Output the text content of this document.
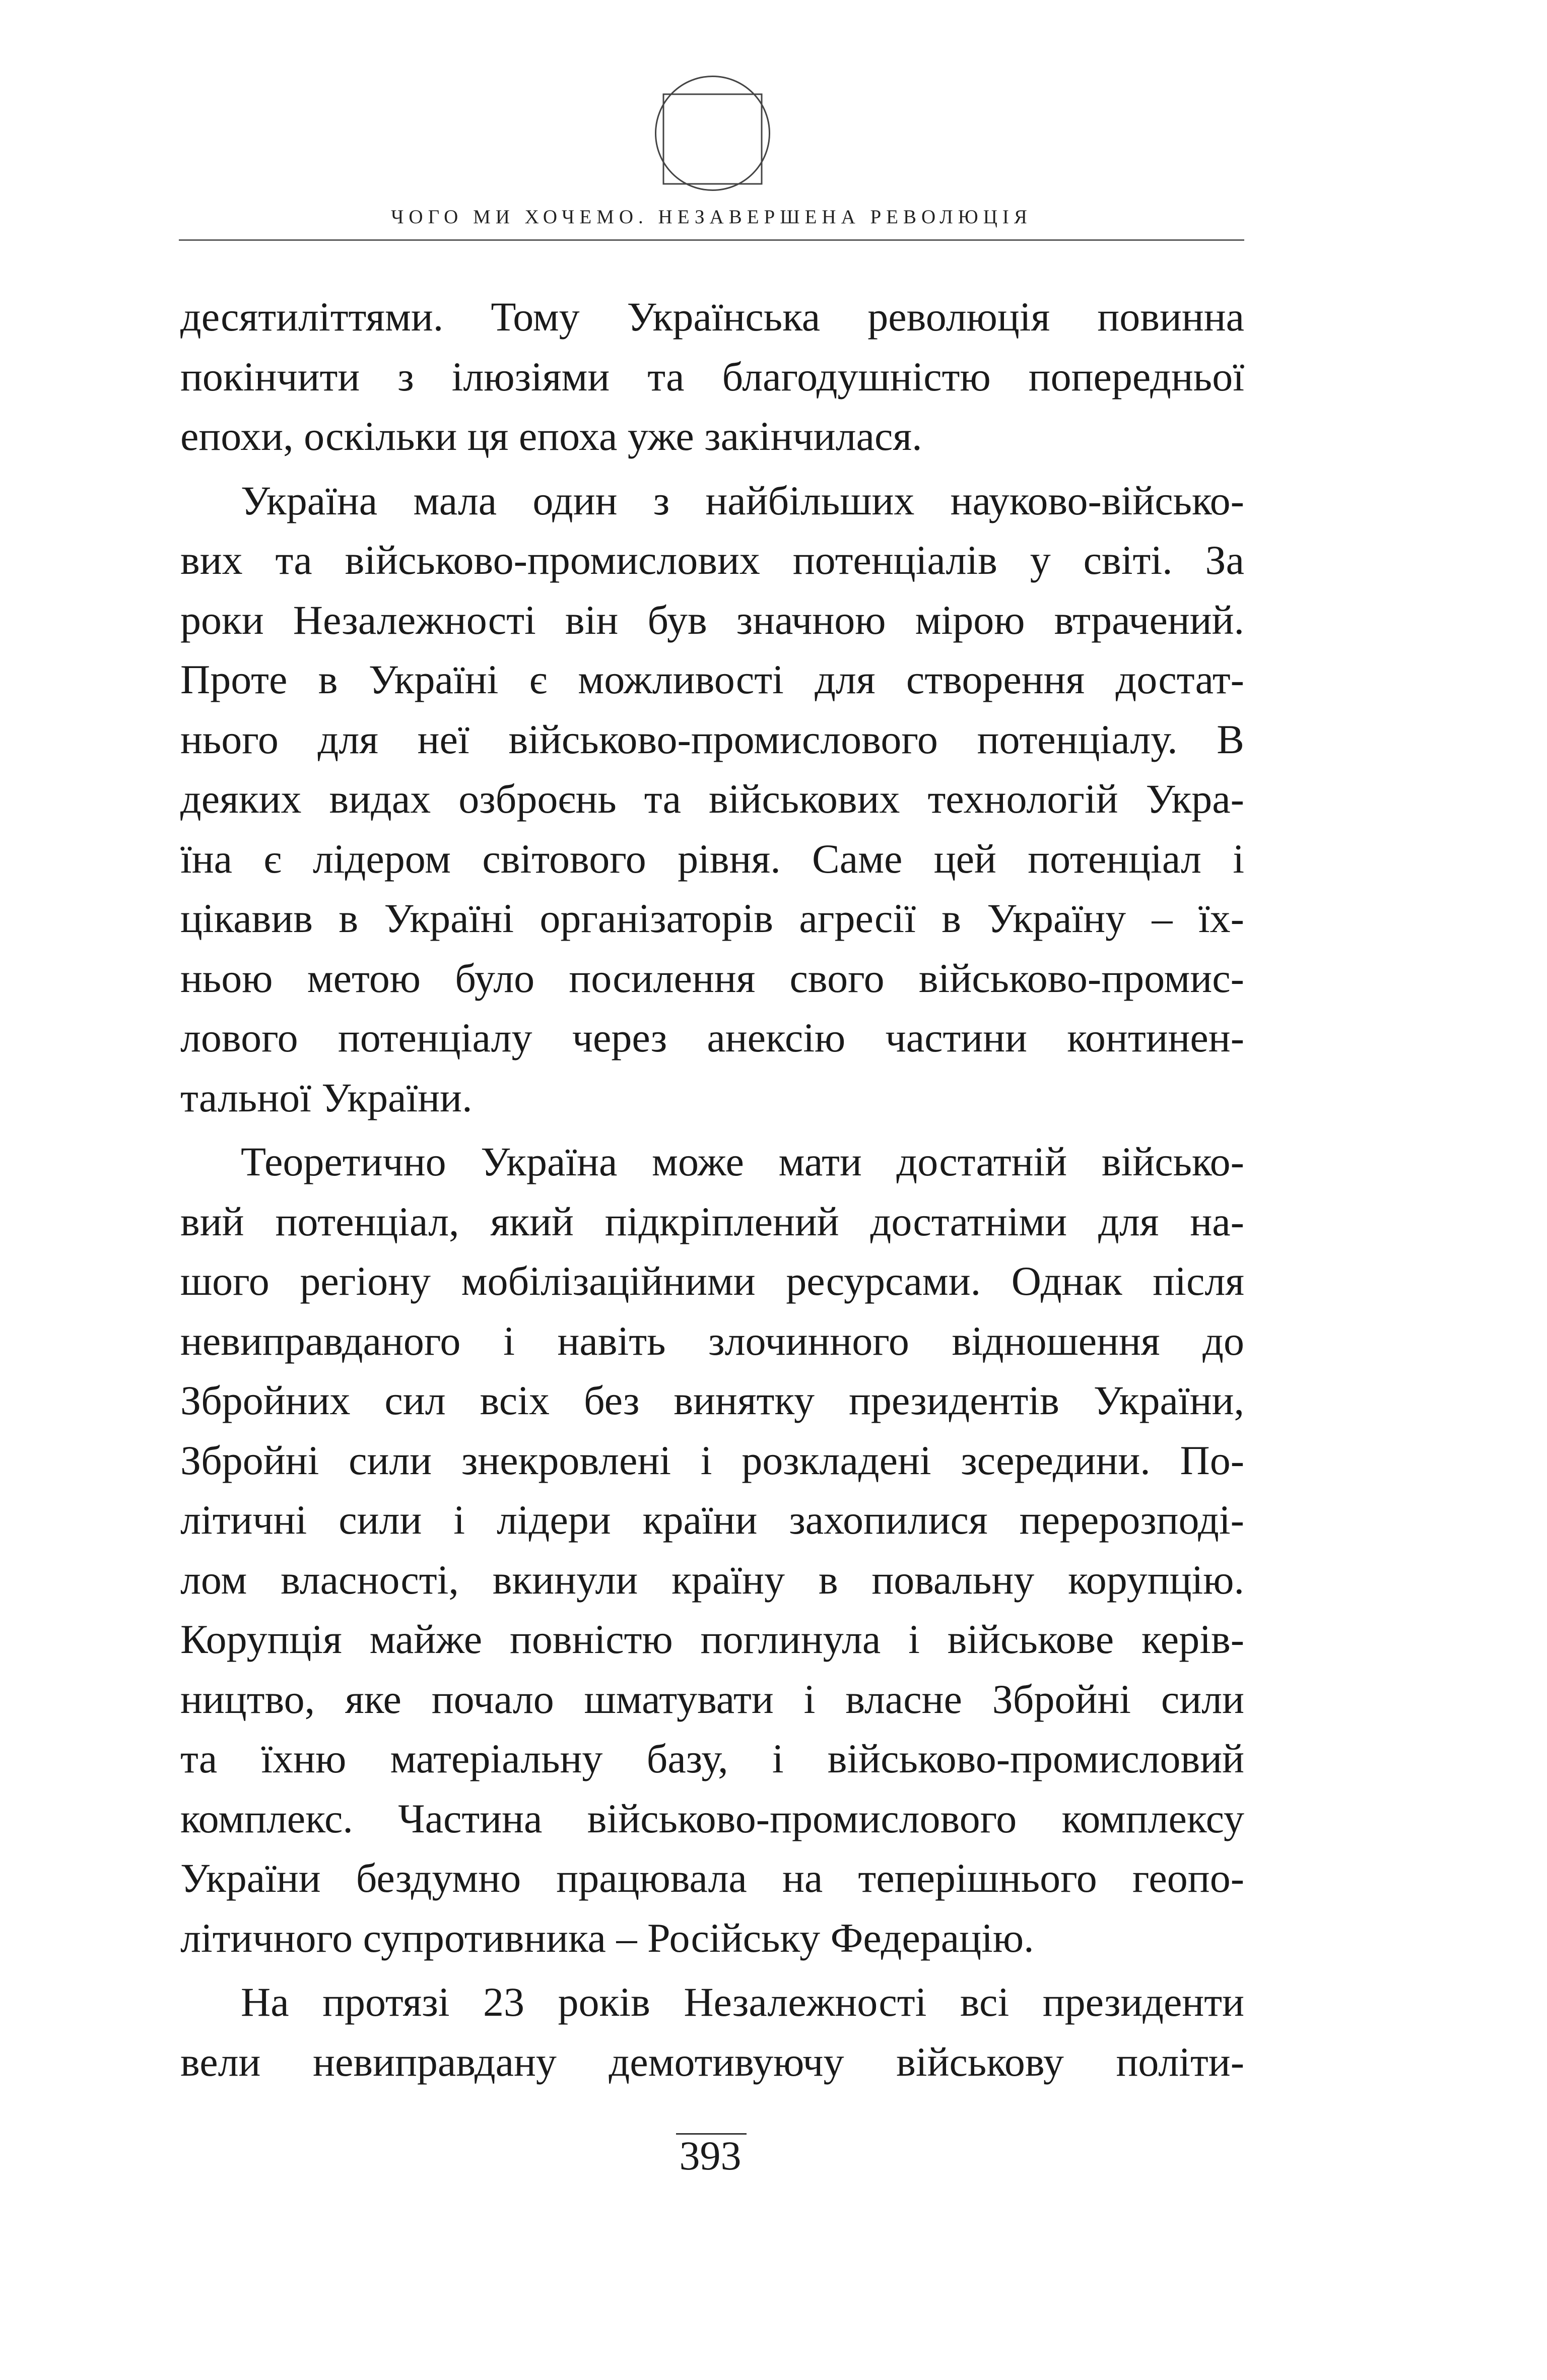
ЧОГО МИ ХОЧЕМО. НЕЗАВЕРШЕНА РЕВОЛЮЦІЯ
десятиліттями. Тому Українська революція повинна
покінчити з ілюзіями та благодушністю попередньої
епохи, оскільки ця епоха уже закінчилася.
Україна мала один з найбільших науково-військо-
вих та військово-промислових потенціалів у світі. За
роки Незалежності він був значною мірою втрачений.
Проте в Україні є можливості для створення достат-
нього для неї військово-промислового потенціалу. В
деяких видах озброєнь та військових технологій Укра-
їна є лідером світового рівня. Саме цей потенціал і
цікавив в Україні організаторів агресії в Україну – їх-
ньою метою було посилення свого військово-промис-
лового потенціалу через анексію частини континен-
тальної України.
Теоретично Україна може мати достатній військо-
вий потенціал, який підкріплений достатніми для на-
шого регіону мобілізаційними ресурсами. Однак після
невиправданого і навіть злочинного відношення до
Збройних сил всіх без винятку президентів України,
Збройні сили знекровлені і розкладені зсередини. По-
літичні сили і лідери країни захопилися перерозподі-
лом власності, вкинули країну в повальну корупцію.
Корупція майже повністю поглинула і військове керів-
ництво, яке почало шматувати і власне Збройні сили
та їхню матеріальну базу, і військово-промисловий
комплекс. Частина військово-промислового комплексу
України бездумно працювала на теперішнього геопо-
літичного супротивника – Російську Федерацію.
На протязі 23 років Незалежності всі президенти
вели невиправдану демотивуючу військову політи-
393
